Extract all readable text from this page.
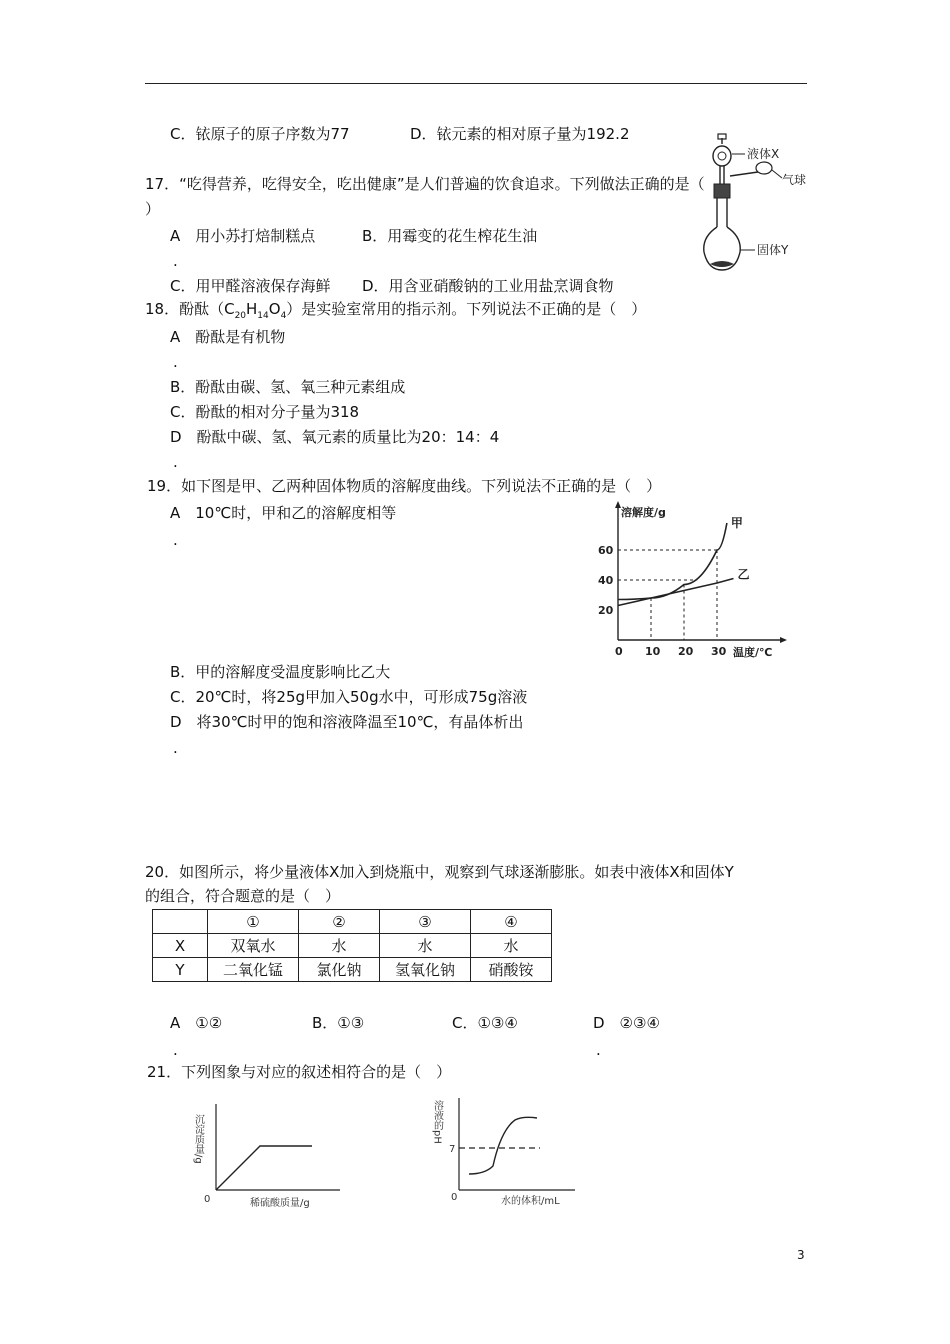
C．铱原子的原子序数为77	D．铱元素的相对原子量为192.2
液体X
气球
固体Y
17．“吃得营养，吃得安全，吃出健康”是人们普遍的饮食追求。下列做法正确的是（
）
A　用小苏打焙制糕点	B．用霉变的花生榨花生油
.
C．用甲醛溶液保存海鲜 D．用含亚硝酸钠的工业用盐烹调食物
18．酚酞$(C_{20}H_{14}O_4)$是实验室常用的指示剂。下列说法不正确的是（　）
A　酚酞是有机物
.
B．酚酞由碳、氢、氧三种元素组成
C．酚酞的相对分子量为318
D　酚酞中碳、氢、氧元素的质量比为20：14：4
.
19．如下图是甲、乙两种固体物质的溶解度曲线。下列说法不正确的是（　）
A　10℃时，甲和乙的溶解度相等
.
溶解度/g
温度/℃
0 10 20 30
20
40
60
甲
乙
B．甲的溶解度受温度影响比乙大
C．20℃时，将25g甲加入50g水中，可形成75g溶液
D　将30℃时甲的饱和溶液降温至10℃，有晶体析出
.
20．如图所示，将少量液体X加入到烧瓶中，观察到气球逐渐膨胀。如表中液体X和固体Y
的组合，符合题意的是（　）
	①	②	③	④
X	双氧水	水	水	水
Y	二氧化锰	氯化钠	氢氧化钠	硝酸铵
A　①②	B．①③	C．①③④	D　②③④
.	.
21．下列图象与对应的叙述相符合的是（　）
沉淀质量/g
0	稀硫酸质量/g
溶液的pH
7
0	水的体积/mL
3
